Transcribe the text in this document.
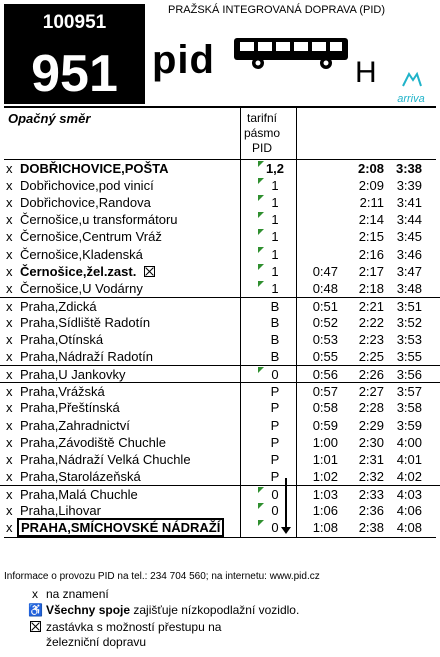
100951
951
PRAŽSKÁ INTEGROVANÁ DOPRAVA (PID)
pid	H
arriva
Opačný směr	tarifní
pásmo
PID
x DOBŘICHOVICE,POŠTA	1,2	2:08 3:38
x Dobřichovice,pod vinicí	1	2:09 3:39
x Dobřichovice,Randova	1	2:11 3:41
x Černošice,u transformátoru	1	2:14 3:44
x Černošice,Centrum Vráž	1	2:15 3:45
x Černošice,Kladenská	1	2:16 3:46
x Černošice,žel.zast.	1	0:47	2:17 3:47
x Černošice,U Vodárny	1	0:48	2:18 3:48
x Praha,Zdická	B	0:51	2:21 3:51
x Praha,Sídliště Radotín	B	0:52	2:22 3:52
x Praha,Otínská	B	0:53	2:23 3:53
x Praha,Nádraží Radotín	B	0:55	2:25 3:55
x Praha,U Jankovky	0	0:56	2:26 3:56
x Praha,Vrážská	P	0:57	2:27 3:57
x Praha,Přeštínská	P	0:58	2:28 3:58
x Praha,Zahradnictví	P	0:59	2:29 3:59
x Praha,Závodiště Chuchle	P	1:00	2:30 4:00
x Praha,Nádraží Velká Chuchle	P	1:01	2:31 4:01
x Praha,Starolázeňská	P	1:02	2:32 4:02
x Praha,Malá Chuchle	0	1:03	2:33 4:03
x Praha,Lihovar	0	1:06	2:36 4:06
x PRAHA,SMÍCHOVSKÉ NÁDRAŽÍ	0	1:08	2:38 4:08
Informace o provozu PID na tel.: 234 704 560; na internetu: www.pid.cz
x na znamení
♿ Všechny spoje zajišťuje nízkopodlažní vozidlo.
zastávka s možností přestupu na
železniční dopravu
